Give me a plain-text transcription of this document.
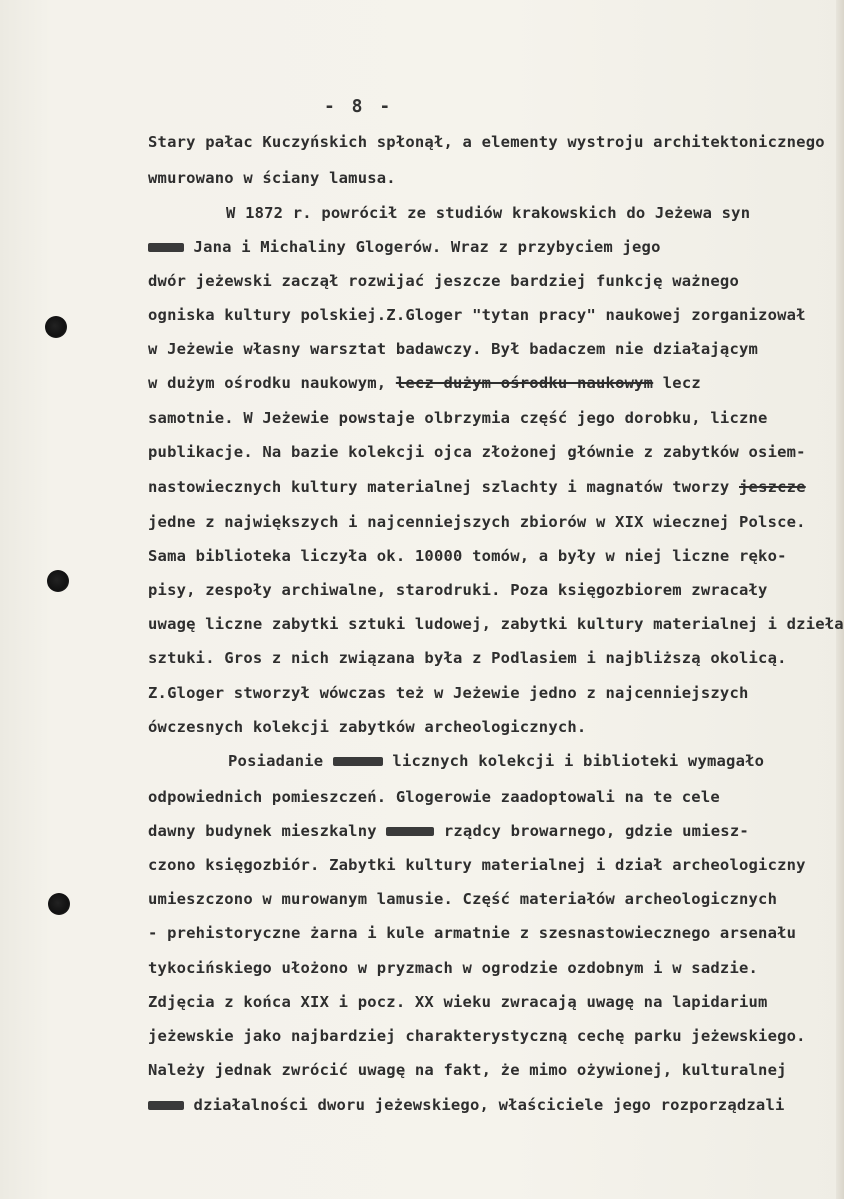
- 8 -
Stary pałac Kuczyńskich spłonął, a elementy wystroju architektonicznego
wmurowano w ściany lamusa.
W 1872 r. powrócił ze studiów krakowskich do Jeżewa syn
Jana i Michaliny Glogerów. Wraz z przybyciem jego
dwór jeżewski zaczął rozwijać jeszcze bardziej funkcję ważnego
ogniska kultury polskiej.Z.Gloger "tytan pracy" naukowej zorganizował
w Jeżewie własny warsztat badawczy. Był badaczem nie działającym
w dużym ośrodku naukowym, lecz dużym ośrodku naukowym lecz
samotnie. W Jeżewie powstaje olbrzymia część jego dorobku, liczne
publikacje. Na bazie kolekcji ojca złożonej głównie z zabytków osiem-
nastowiecznych kultury materialnej szlachty i magnatów tworzy jeszcze
jedne z największych i najcenniejszych zbiorów w XIX wiecznej Polsce.
Sama biblioteka liczyła ok. 10000 tomów, a były w niej liczne ręko-
pisy, zespoły archiwalne, starodruki. Poza księgozbiorem zwracały
uwagę liczne zabytki sztuki ludowej, zabytki kultury materialnej i dzieła
sztuki. Gros z nich związana była z Podlasiem i najbliższą okolicą.
Z.Gloger stworzył wówczas też w Jeżewie jedno z najcenniejszych
ówczesnych kolekcji zabytków archeologicznych.
Posiadanie	licznych kolekcji i biblioteki wymagało
odpowiednich pomieszczeń. Glogerowie zaadoptowali na te cele
dawny budynek mieszkalny	rządcy browarnego, gdzie umiesz-
czono księgozbiór. Zabytki kultury materialnej i dział archeologiczny
umieszczono w murowanym lamusie. Część materiałów archeologicznych
- prehistoryczne żarna i kule armatnie z szesnastowiecznego arsenału
tykocińskiego ułożono w pryzmach w ogrodzie ozdobnym i w sadzie.
Zdjęcia z końca XIX i pocz. XX wieku zwracają uwagę na lapidarium
jeżewskie jako najbardziej charakterystyczną cechę parku jeżewskiego.
Należy jednak zwrócić uwagę na fakt, że mimo ożywionej, kulturalnej
działalności dworu jeżewskiego, właściciele jego rozporządzali
